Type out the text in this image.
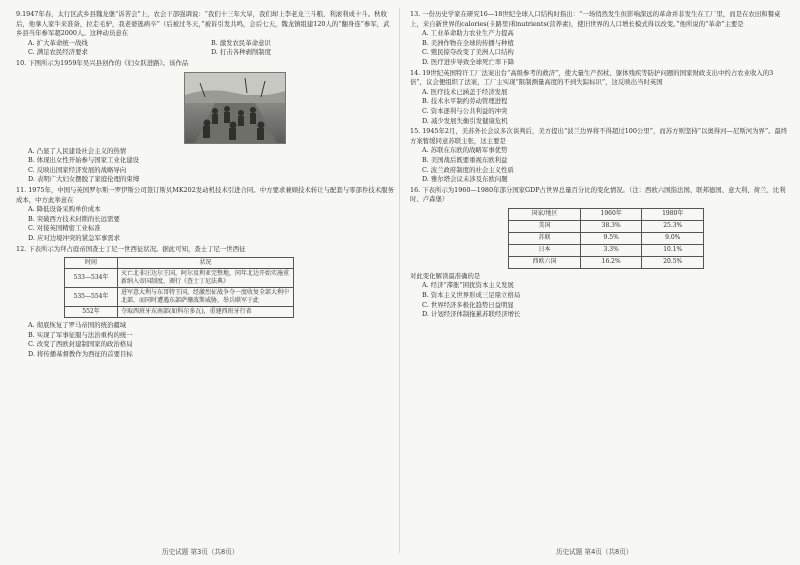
9.1947年春，太行区武乡县魏龙堡“诉苦会”上，农会干部强调说：“我们十三年大旱，我们却上李老龙三斗粮，利滚利成十斗。秋收后，他拿人家牛来准备，拉走毛驴，我老婆逃病卒”（后被过冬天，”被诉引发共鸣，会后七天，魏龙镇组建120人的“翻身连”参军，武乡县当年参军超2000人。这种动员意在

A. 扩大革命统一战线	B. 激发农民革命意识
C. 满足农民经济要求	D. 打击各种剥削制度

10. 下图所示为1959年吴兴县创作的《妇女跃进路》。该作品

A. 凸显了人民建设社会主义的热情
B. 体现出女性开始参与国家工业化建设
C. 反映出国家经济发展的战略导向
D. 表明广大妇女摆脱了家庭伦理的束缚

11. 1975年，中国与英国罗尔斯一罗伊斯公司签订斯贝MK202发动机技术引进合同。中方要求兼顾技术转让与配套与零部件技术服务成本，中方此举意在

A. 降低设备采购单价成本
B. 突破西方技术封锁的长远需要
C. 对接英国精密工业标准
D. 应对边境冲突的紧急军事需求

12. 下表所示为拜占庭帝国查士丁尼一世西征状况。据此可知，查士丁尼一世西征

时间	状况
533—534年	灭亡北非汪达尔王国，阿尔及利亚完整地，同年北边开始实施重新纳入帝国制度，颁行《查士丁尼法典》
535—554年	进军意大利与东哥特王国，经激烈征战争夺一度收复全部大利中北部，而同时遭遇东部萨珊波斯威胁，举兵联军于此
552年	夺取西班牙东南部(如科尔多瓦)，重建西班牙行省
A. 彻底恢复了罗马帝国的统治疆域
B. 实现了军事征服与法治重构的统一
C. 改变了西欧封建制国家的政治格局
D. 将传播基督教作为西征的首要目标

13. 一份历史学家在研究16—18世纪全球人口结构时指出：“一场悄然发生但影响深远的革命并非发生在工厂里，而是在农田和餐桌上，来自新世界的calories(卡路里)和nutrients(营养素)，使旧世界的人口增长模式得以改变。”他所说的“革命”主要是

A. 工业革命助力农业生产力提高
B. 美洲作物在全球的传播与种植
C. 殖民掠夺改变了美洲人口结构
D. 医疗进步导致全球死亡率下降

14. 19世纪英国特许工厂法案出台“高级参考的救济”，使大量生产拐杖、躯体残疾等防护问题的国家财政支出中约占农业收入的3倍”，议会便组织了法案，工厂主实现“限制测量高度的不到失踪标识”，这反映出当时英国

A. 医疗技术已涵盖于经济发展
B. 技术水平制约劳动管理进程
C. 资本逐利与公共利益的冲突
D. 减少发展失衡引发健康危机

15. 1945年2月，美苏外长会议多次谈判后，美方提出“波兰边界将不得超过100公里”，而苏方则坚持“以奥得河—尼斯河为界”。最终方案暂缓同意苏联主张，这主要是

A. 苏联在东欧的战略军事优势
B. 美国战后既要重视东欧利益
C. 波兰政府制度的社会主义性质
D. 雅尔塔会议未涉及东欧问题

16. 下表所示为1960—1980年部分国家GDP占世界总量百分比的变化情况。（注：西欧六国指法国、联邦德国、意大利、荷兰、比利时、卢森堡）

国家/地区	1960年	1980年
美国	38.3%	25.3%
苏联	9.5%	9.0%
日本	3.3%	10.1%
西欧六国	16.2%	20.5%

对此变化解读最准确的是

A. 经济“滞胀”困扰资本主义发展
B. 资本主义世界形成三足鼎立格局
C. 世界经济多极化趋势日益明显
D. 计划经济体制拖累苏联经济增长
历史试题 第3页（共8页）	历史试题 第4页（共8页）
